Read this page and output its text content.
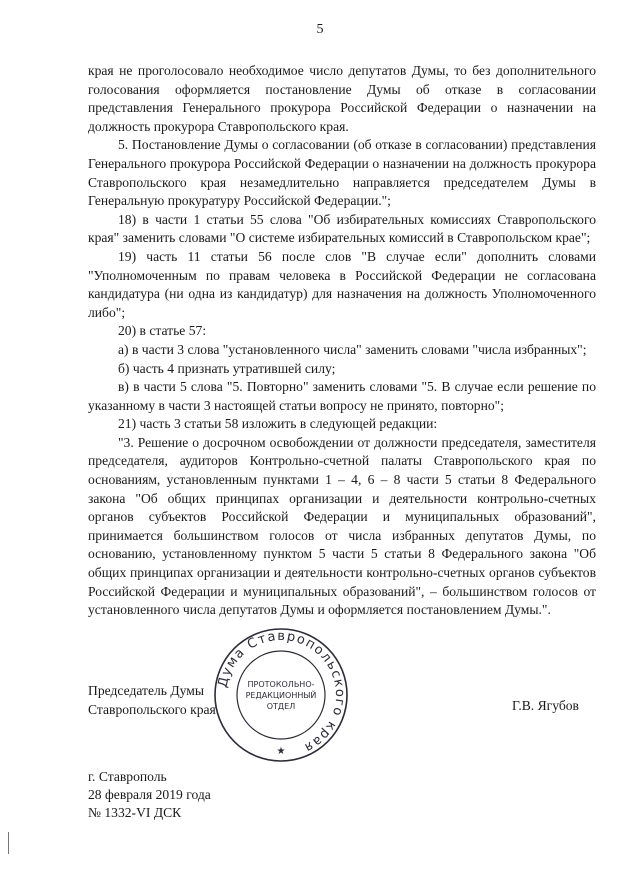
5

края не проголосовало необходимое число депутатов Думы, то без дополнительного голосования оформляется постановление Думы об отказе в согласовании представления Генерального прокурора Российской Федерации о назначении на должность прокурора Ставропольского края.

5. Постановление Думы о согласовании (об отказе в согласовании) представления Генерального прокурора Российской Федерации о назначении на должность прокурора Ставропольского края незамедлительно направляется председателем Думы в Генеральную прокуратуру Российской Федерации.";

18) в части 1 статьи 55 слова "Об избирательных комиссиях Ставропольского края" заменить словами "О системе избирательных комиссий в Ставропольском крае";

19) часть 11 статьи 56 после слов "В случае если" дополнить словами "Уполномоченным по правам человека в Российской Федерации не согласована кандидатура (ни одна из кандидатур) для назначения на должность Уполномоченного либо";

20) в статье 57:

а) в части 3 слова "установленного числа" заменить словами "числа избранных";

б) часть 4 признать утратившей силу;

в) в части 5 слова "5. Повторно" заменить словами "5. В случае если решение по указанному в части 3 настоящей статьи вопросу не принято, повторно";

21) часть 3 статьи 58 изложить в следующей редакции:

"3. Решение о досрочном освобождении от должности председателя, заместителя председателя, аудиторов Контрольно-счетной палаты Ставропольского края по основаниям, установленным пунктами 1 – 4, 6 – 8 части 5 статьи 8 Федерального закона "Об общих принципах организации и деятельности контрольно-счетных органов субъектов Российской Федерации и муниципальных образований", принимается большинством голосов от числа избранных депутатов Думы, по основанию, установленному пунктом 5 части 5 статьи 8 Федерального закона "Об общих принципах организации и деятельности контрольно-счетных органов субъектов Российской Федерации и муниципальных образований", – большинством голосов от установленного числа депутатов Думы и оформляется постановлением Думы.".

Председатель Думы
Ставропольского края
Дума Ставропольского края
ПРОТОКОЛЬНО-
РЕДАКЦИОННЫЙ
ОТДЕЛ
★
Г.В. Ягубов
г. Ставрополь
28 февраля 2019 года
№ 1332-VI ДСК
